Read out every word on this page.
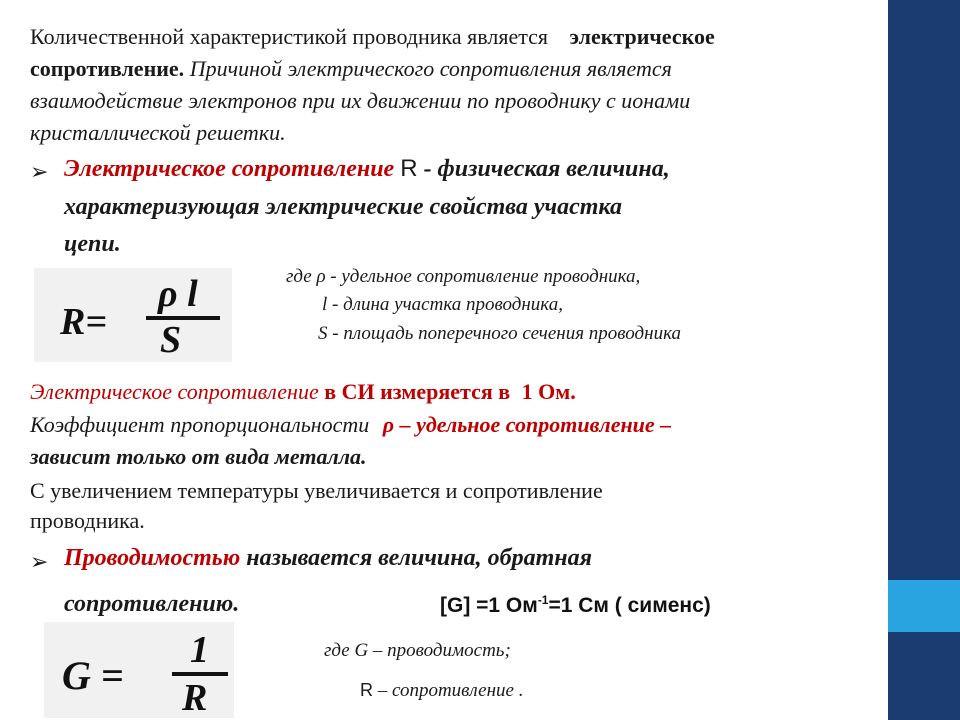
Количественной характеристикой проводника является электрическое
сопротивление. Причиной электрического сопротивления является
взаимодействие электронов при их движении по проводнику с ионами
кристаллической решетки.
➢ Электрическое сопротивление R - физическая величина,
характеризующая электрические свойства участка
цепи.
R=
ρ l
S
где ρ - удельное сопротивление проводника,
l - длина участка проводника,
S - площадь поперечного сечения проводника
Электрическое сопротивление в СИ измеряется в 1 Ом.
Коэффициент пропорциональности ρ – удельное сопротивление –
зависит только от вида металла.
С увеличением температуры увеличивается и сопротивление
проводника.
➢ Проводимостью называется величина, обратная
сопротивлению.	[G] =1 $Ом^{-1}=1$ См ( сименс)
G =
1
R
где G – проводимость;
R – сопротивление .
